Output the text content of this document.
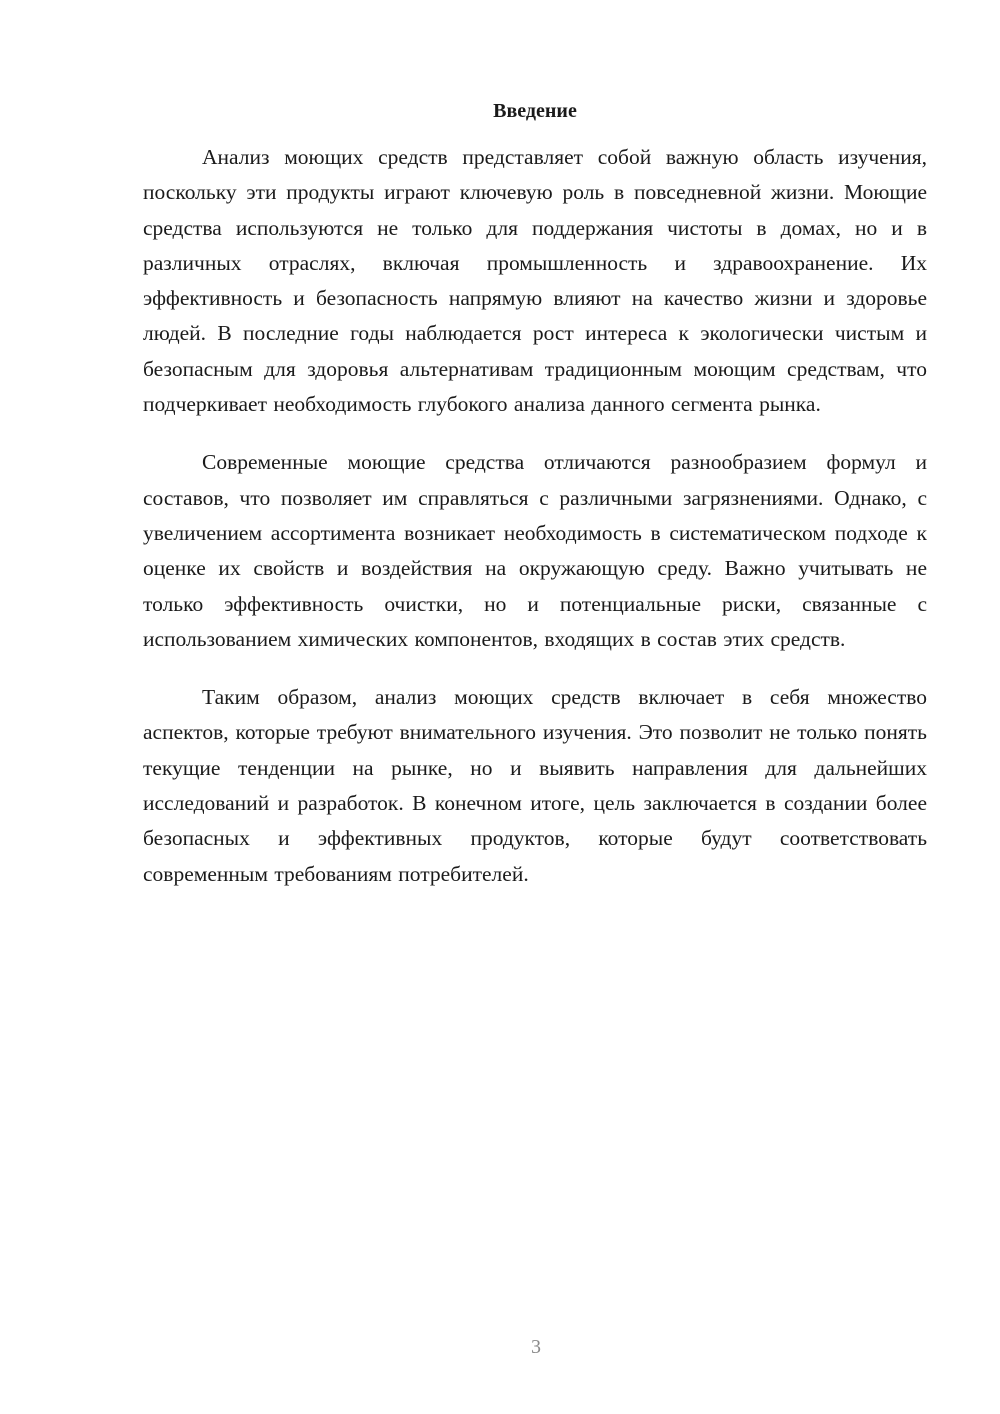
Введение

Анализ моющих средств представляет собой важную область изучения, поскольку эти продукты играют ключевую роль в повседневной жизни. Моющие средства используются не только для поддержания чистоты в домах, но и в различных отраслях, включая промышленность и здравоохранение. Их эффективность и безопасность напрямую влияют на качество жизни и здоровье людей. В последние годы наблюдается рост интереса к экологически чистым и безопасным для здоровья альтернативам традиционным моющим средствам, что подчеркивает необходимость глубокого анализа данного сегмента рынка.

Современные моющие средства отличаются разнообразием формул и составов, что позволяет им справляться с различными загрязнениями. Однако, с увеличением ассортимента возникает необходимость в систематическом подходе к оценке их свойств и воздействия на окружающую среду. Важно учитывать не только эффективность очистки, но и потенциальные риски, связанные с использованием химических компонентов, входящих в состав этих средств.

Таким образом, анализ моющих средств включает в себя множество аспектов, которые требуют внимательного изучения. Это позволит не только понять текущие тенденции на рынке, но и выявить направления для дальнейших исследований и разработок. В конечном итоге, цель заключается в создании более безопасных и эффективных продуктов, которые будут соответствовать современным требованиям потребителей.

3
